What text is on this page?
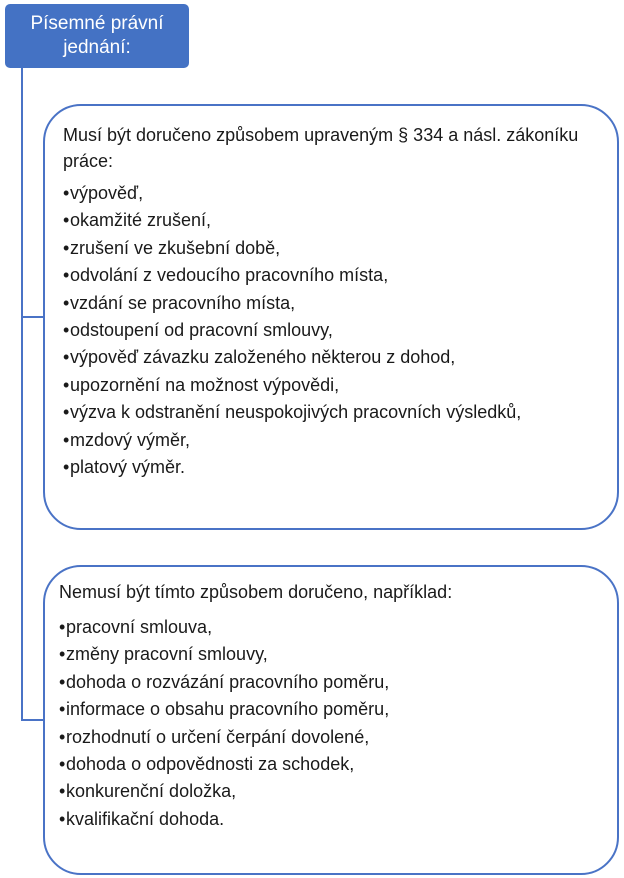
Písemné právní jednání:

Musí být doručeno způsobem upraveným § 334 a násl. zákoníku práce:

•výpověď,
•okamžité zrušení,
•zrušení ve zkušební době,
•odvolání z vedoucího pracovního místa,
•vzdání se pracovního místa,
•odstoupení od pracovní smlouvy,
•výpověď závazku založeného některou z dohod,
•upozornění na možnost výpovědi,
•výzva k odstranění neuspokojivých pracovních výsledků,
•mzdový výměr,
•platový výměr.

Nemusí být tímto způsobem doručeno, například:

•pracovní smlouva,
•změny pracovní smlouvy,
•dohoda o rozvázání pracovního poměru,
•informace o obsahu pracovního poměru,
•rozhodnutí o určení čerpání dovolené,
•dohoda o odpovědnosti za schodek,
•konkurenční doložka,
•kvalifikační dohoda.
